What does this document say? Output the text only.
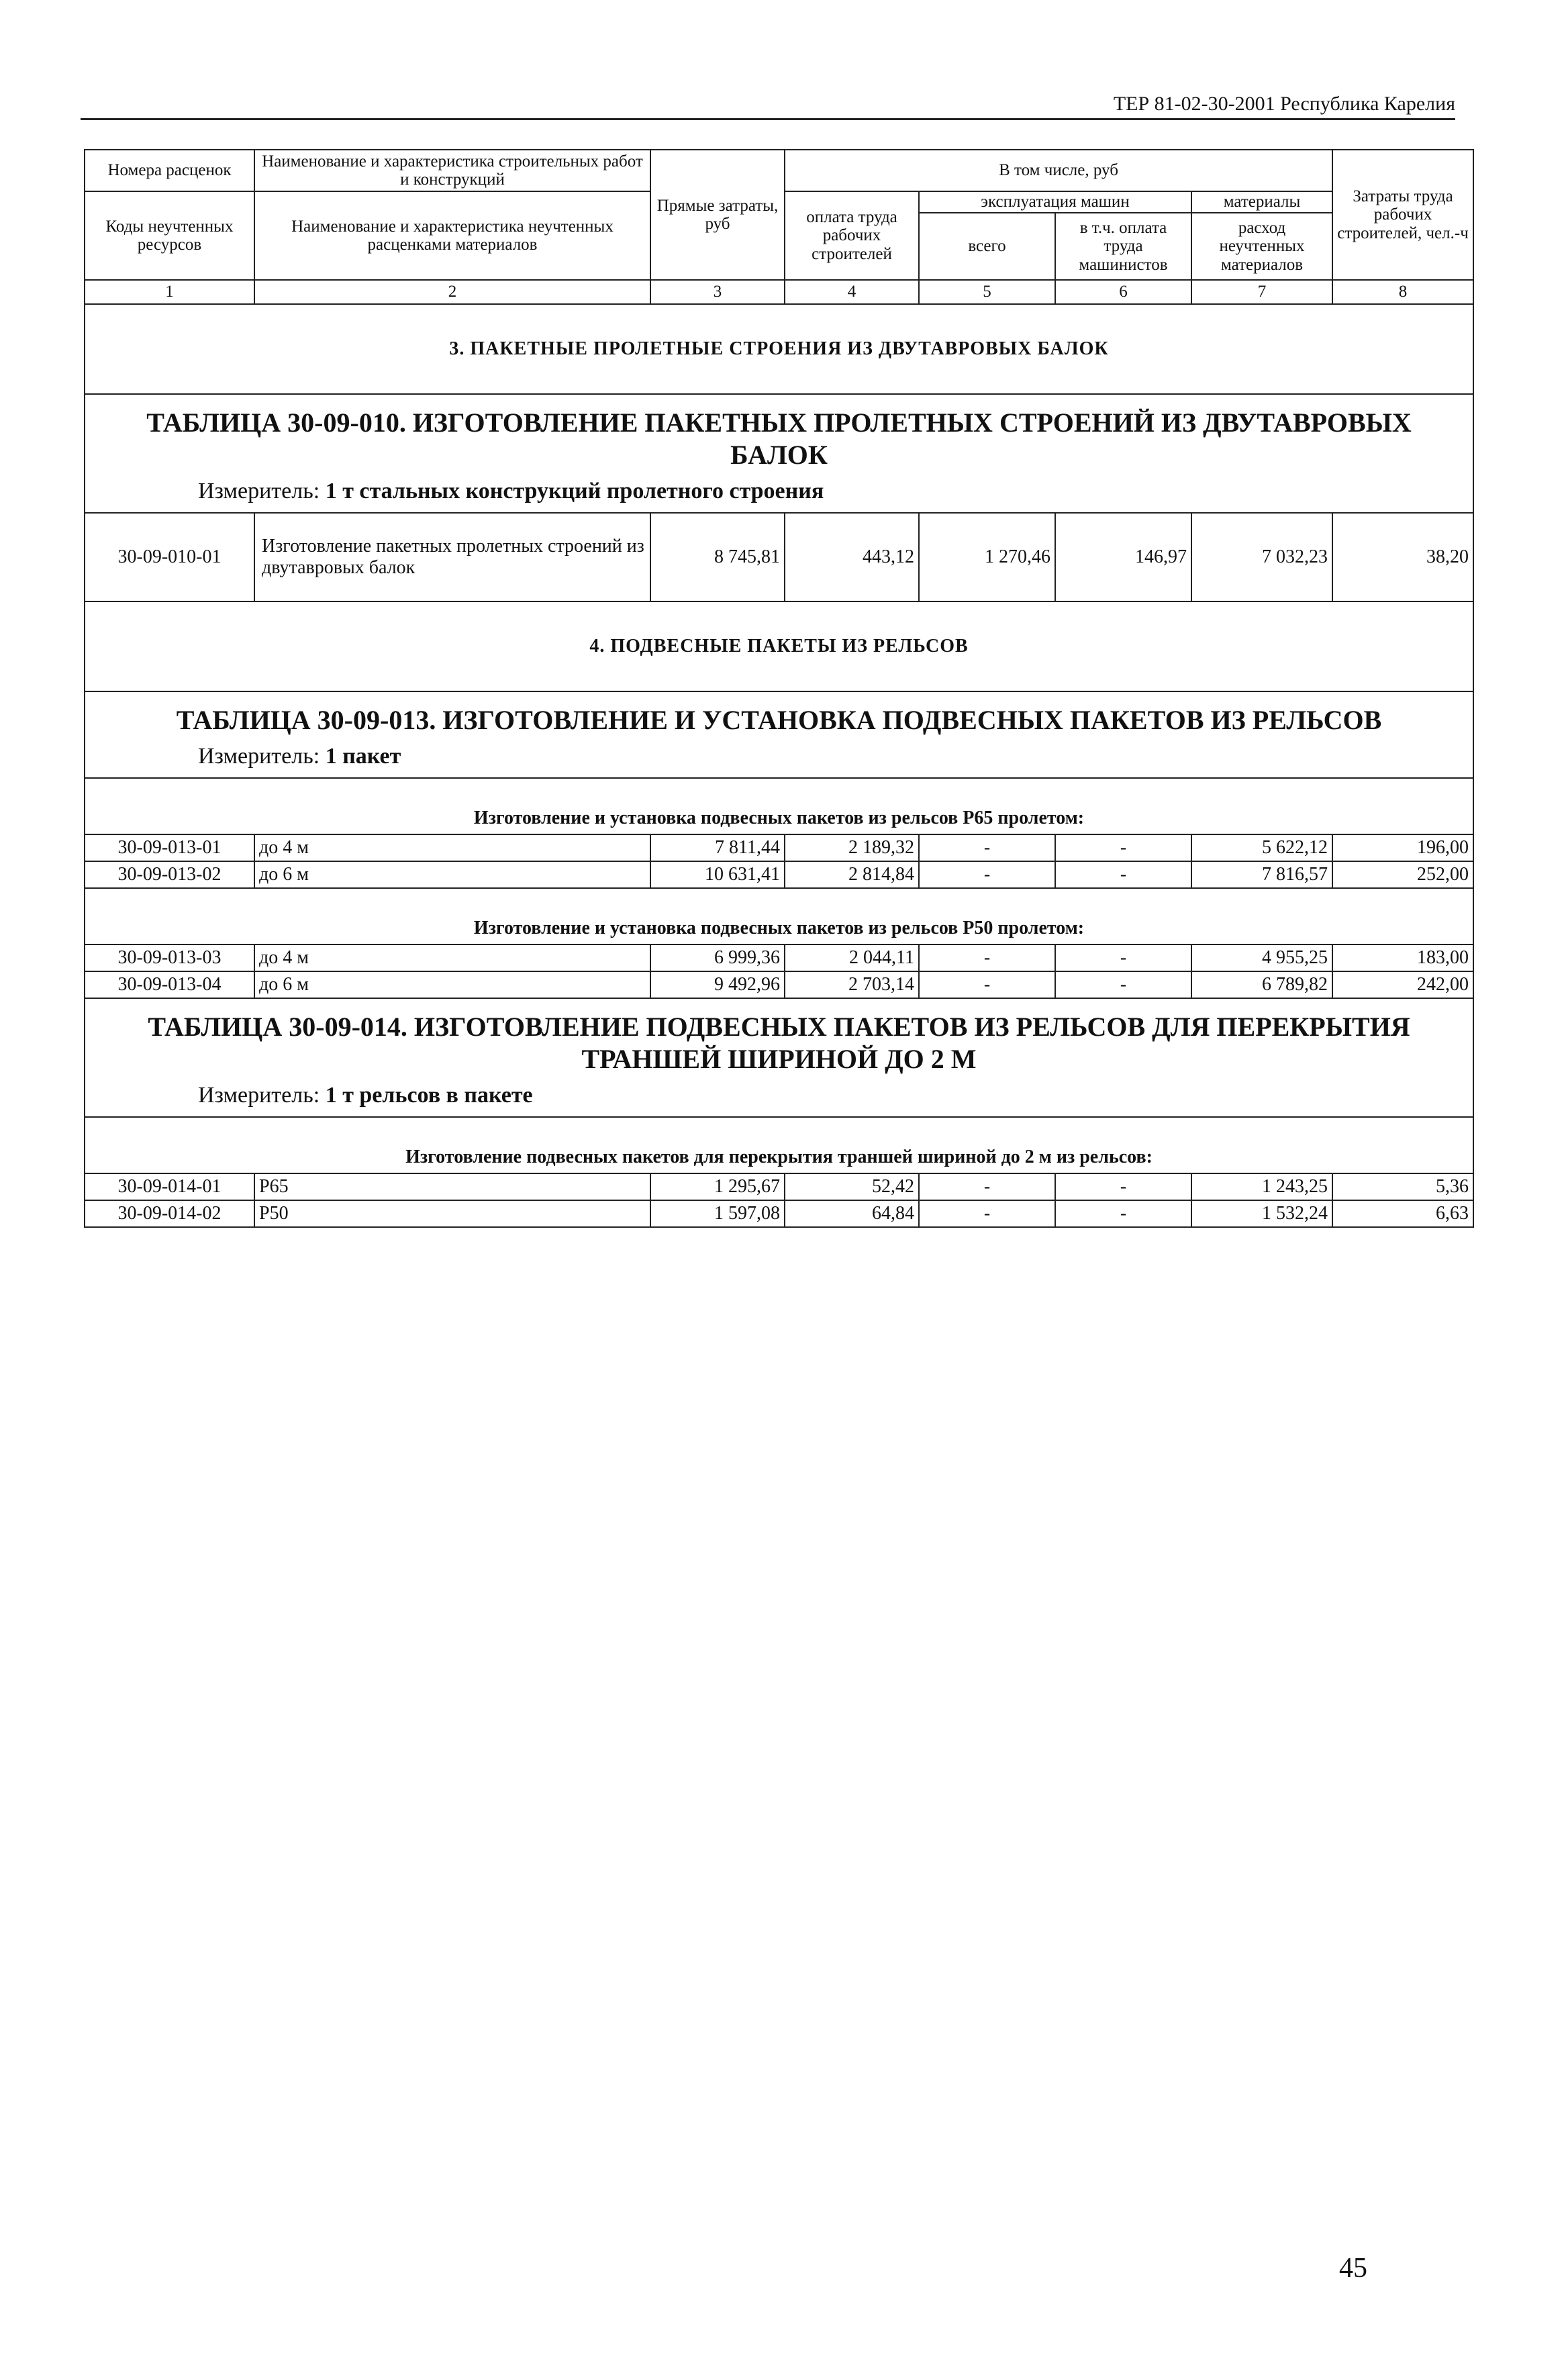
ТЕР 81-02-30-2001 Республика Карелия
Номера расценок	Наименование и характеристика строительных работ и конструкций	Прямые затраты, руб	В том числе, руб				Затраты труда рабочих строителей, чел.-ч
Коды неучтенных ресурсов	Наименование и характеристика неучтенных расценками материалов		оплата труда рабочих строителей	эксплуатация машин		материалы	
				всего	в т.ч. оплата труда машинистов	расход неучтенных материалов	
1	2	3	4	5	6	7	8
3. ПАКЕТНЫЕ ПРОЛЕТНЫЕ СТРОЕНИЯ ИЗ ДВУТАВРОВЫХ БАЛОК							

ТАБЛИЦА 30-09-010. ИЗГОТОВЛЕНИЕ ПАКЕТНЫХ ПРОЛЕТНЫХ СТРОЕНИЙ ИЗ ДВУТАВРОВЫХ БАЛОК
Измеритель: 1 т стальных конструкций пролетного строения							

30-09-010-01	Изготовление пакетных пролетных строений из двутавровых балок	8 745,81	443,12	1 270,46	146,97	7 032,23	38,20
4. ПОДВЕСНЫЕ ПАКЕТЫ ИЗ РЕЛЬСОВ							

ТАБЛИЦА 30-09-013. ИЗГОТОВЛЕНИЕ И УСТАНОВКА ПОДВЕСНЫХ ПАКЕТОВ ИЗ РЕЛЬСОВ
Измеритель: 1 пакет							

Изготовление и установка подвесных пакетов из рельсов Р65 пролетом:							
30-09-013-01	до 4 м	7 811,44	2 189,32	-	-	5 622,12	196,00
30-09-013-02	до 6 м	10 631,41	2 814,84	-	-	7 816,57	252,00
Изготовление и установка подвесных пакетов из рельсов Р50 пролетом:							
30-09-013-03	до 4 м	6 999,36	2 044,11	-	-	4 955,25	183,00
30-09-013-04	до 6 м	9 492,96	2 703,14	-	-	6 789,82	242,00

ТАБЛИЦА 30-09-014. ИЗГОТОВЛЕНИЕ ПОДВЕСНЫХ ПАКЕТОВ ИЗ РЕЛЬСОВ ДЛЯ ПЕРЕКРЫТИЯ ТРАНШЕЙ ШИРИНОЙ ДО 2 М
Измеритель: 1 т рельсов в пакете							

Изготовление подвесных пакетов для перекрытия траншей шириной до 2 м из рельсов:							
30-09-014-01	Р65	1 295,67	52,42	-	-	1 243,25	5,36
30-09-014-02	Р50	1 597,08	64,84	-	-	1 532,24	6,63
45
